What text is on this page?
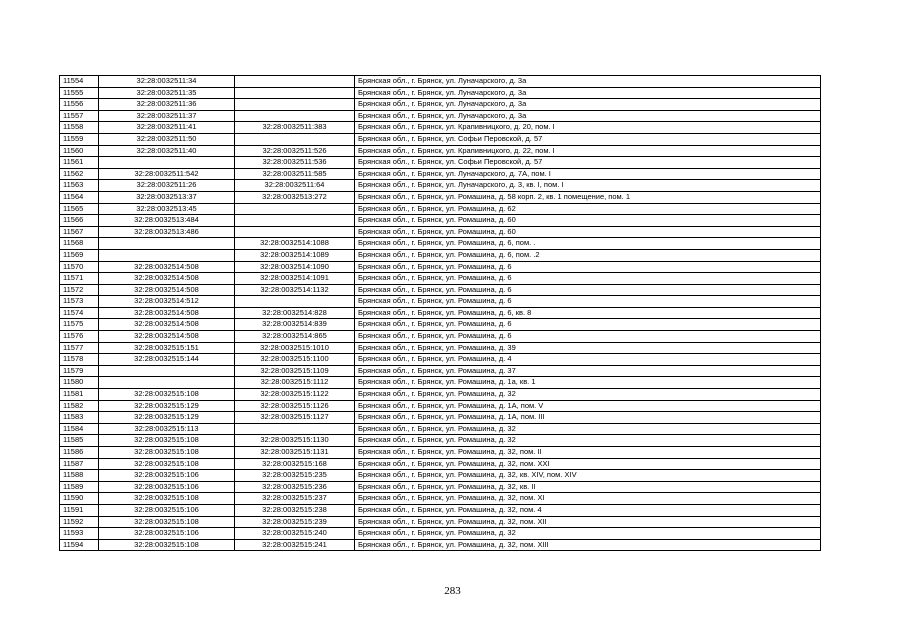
11554	32:28:0032511:34		Брянская обл., г. Брянск, ул. Луначарского, д. 3а
11555	32:28:0032511:35		Брянская обл., г. Брянск, ул. Луначарского, д. 3а
11556	32:28:0032511:36		Брянская обл., г. Брянск, ул. Луначарского, д. 3а
11557	32:28:0032511:37		Брянская обл., г. Брянск, ул. Луначарского, д. 3а
11558	32:28:0032511:41	32:28:0032511:383	Брянская обл., г. Брянск, ул. Крапивницкого, д. 20, пом. I
11559	32:28:0032511:50		Брянская обл., г. Брянск, ул. Софьи Перовской, д. 57
11560	32:28:0032511:40	32:28:0032511:526	Брянская обл., г. Брянск, ул. Крапивницкого, д. 22, пом. I
11561		32:28:0032511:536	Брянская обл., г. Брянск, ул. Софьи Перовской, д. 57
11562	32:28:0032511:542	32:28:0032511:585	Брянская обл., г. Брянск, ул. Луначарского, д. 7А, пом. I
11563	32:28:0032511:26	32:28:0032511:64	Брянская обл., г. Брянск, ул. Луначарского, д. 3, кв. I, пом. I
11564	32:28:0032513:37	32:28:0032513:272	Брянская обл., г. Брянск, ул. Ромашина, д. 58 корп. 2, кв. 1 помещение, пом. 1
11565	32:28:0032513:45		Брянская обл., г. Брянск, ул. Ромашина, д. 62
11566	32:28:0032513:484		Брянская обл., г. Брянск, ул. Ромашина, д. 60
11567	32:28:0032513:486		Брянская обл., г. Брянск, ул. Ромашина, д. 60
11568		32:28:0032514:1088	Брянская обл., г. Брянск, ул. Ромашина, д. 6, пом. .
11569		32:28:0032514:1089	Брянская обл., г. Брянск, ул. Ромашина, д. 6, пом. .2
11570	32:28:0032514:508	32:28:0032514:1090	Брянская обл., г. Брянск, ул. Ромашина, д. 6
11571	32:28:0032514:508	32:28:0032514:1091	Брянская обл., г. Брянск, ул. Ромашина, д. 6
11572	32:28:0032514:508	32:28:0032514:1132	Брянская обл., г. Брянск, ул. Ромашина, д. 6
11573	32:28:0032514:512		Брянская обл., г. Брянск, ул. Ромашина, д. 6
11574	32:28:0032514:508	32:28:0032514:828	Брянская обл., г. Брянск, ул. Ромашина, д. 6, кв. 8
11575	32:28:0032514:508	32:28:0032514:839	Брянская обл., г. Брянск, ул. Ромашина, д. 6
11576	32:28:0032514:508	32:28:0032514:865	Брянская обл., г. Брянск, ул. Ромашина, д. 6
11577	32:28:0032515:151	32:28:0032515:1010	Брянская обл., г. Брянск, ул. Ромашина, д. 39
11578	32:28:0032515:144	32:28:0032515:1100	Брянская обл., г. Брянск, ул. Ромашина, д. 4
11579		32:28:0032515:1109	Брянская обл., г. Брянск, ул. Ромашина, д. 37
11580		32:28:0032515:1112	Брянская обл., г. Брянск, ул. Ромашина, д. 1а, кв. 1
11581	32:28:0032515:108	32:28:0032515:1122	Брянская обл., г. Брянск, ул. Ромашина, д. 32
11582	32:28:0032515:129	32:28:0032515:1126	Брянская обл., г. Брянск, ул. Ромашина, д. 1А, пом. V
11583	32:28:0032515:129	32:28:0032515:1127	Брянская обл., г. Брянск, ул. Ромашина, д. 1А, пом. III
11584	32:28:0032515:113		Брянская обл., г. Брянск, ул. Ромашина, д. 32
11585	32:28:0032515:108	32:28:0032515:1130	Брянская обл., г. Брянск, ул. Ромашина, д. 32
11586	32:28:0032515:108	32:28:0032515:1131	Брянская обл., г. Брянск, ул. Ромашина, д. 32, пом. II
11587	32:28:0032515:108	32:28:0032515:168	Брянская обл., г. Брянск, ул. Ромашина, д. 32, пом. XXI
11588	32:28:0032515:106	32:28:0032515:235	Брянская обл., г. Брянск, ул. Ромашина, д. 32, кв. XIV, пом. XIV
11589	32:28:0032515:106	32:28:0032515:236	Брянская обл., г. Брянск, ул. Ромашина, д. 32, кв. II
11590	32:28:0032515:108	32:28:0032515:237	Брянская обл., г. Брянск, ул. Ромашина, д. 32, пом. XI
11591	32:28:0032515:106	32:28:0032515:238	Брянская обл., г. Брянск, ул. Ромашина, д. 32, пом. 4
11592	32:28:0032515:108	32:28:0032515:239	Брянская обл., г. Брянск, ул. Ромашина, д. 32, пом. XII
11593	32:28:0032515:106	32:28:0032515:240	Брянская обл., г. Брянск, ул. Ромашина, д. 32
11594	32:28:0032515:108	32:28:0032515:241	Брянская обл., г. Брянск, ул. Ромашина, д. 32, пом. XIII
283
